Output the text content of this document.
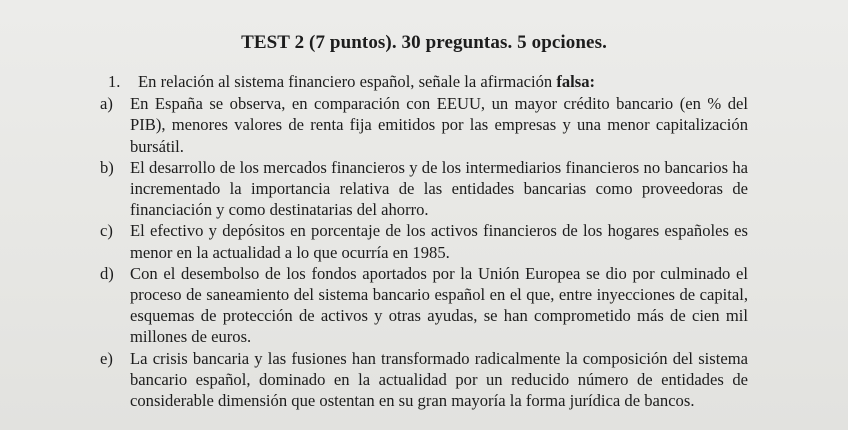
TEST 2 (7 puntos). 30 preguntas. 5 opciones.
1. En relación al sistema financiero español, señale la afirmación falsa:
a) En España se observa, en comparación con EEUU, un mayor crédito bancario (en % del PIB), menores valores de renta fija emitidos por las empresas y una menor capitalización bursátil.
b) El desarrollo de los mercados financieros y de los intermediarios financieros no bancarios ha incrementado la importancia relativa de las entidades bancarias como proveedoras de financiación y como destinatarias del ahorro.
c) El efectivo y depósitos en porcentaje de los activos financieros de los hogares españoles es menor en la actualidad a lo que ocurría en 1985.
d) Con el desembolso de los fondos aportados por la Unión Europea se dio por culminado el proceso de saneamiento del sistema bancario español en el que, entre inyecciones de capital, esquemas de protección de activos y otras ayudas, se han comprometido más de cien mil millones de euros.
e) La crisis bancaria y las fusiones han transformado radicalmente la composición del sistema bancario español, dominado en la actualidad por un reducido número de entidades de considerable dimensión que ostentan en su gran mayoría la forma jurídica de bancos.
